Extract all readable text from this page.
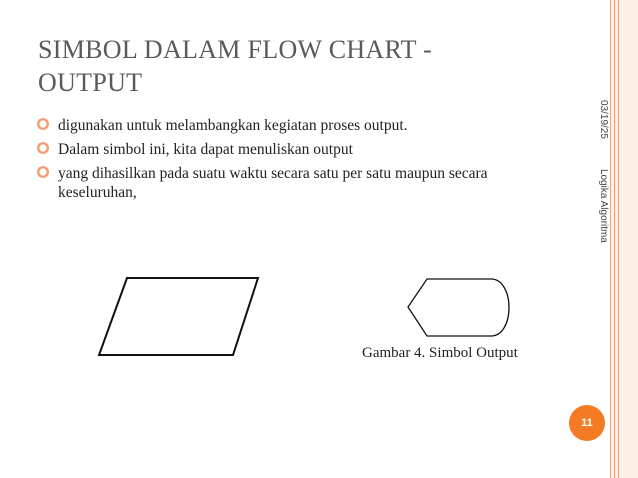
SIMBOL DALAM FLOW CHART -
OUTPUT
digunakan untuk melambangkan kegiatan proses output.
Dalam simbol ini, kita dapat menuliskan output
yang dihasilkan pada suatu waktu secara satu per satu maupun secara keseluruhan,
Gambar 4. Simbol Output
03/19/25Logika Algoritma
11
